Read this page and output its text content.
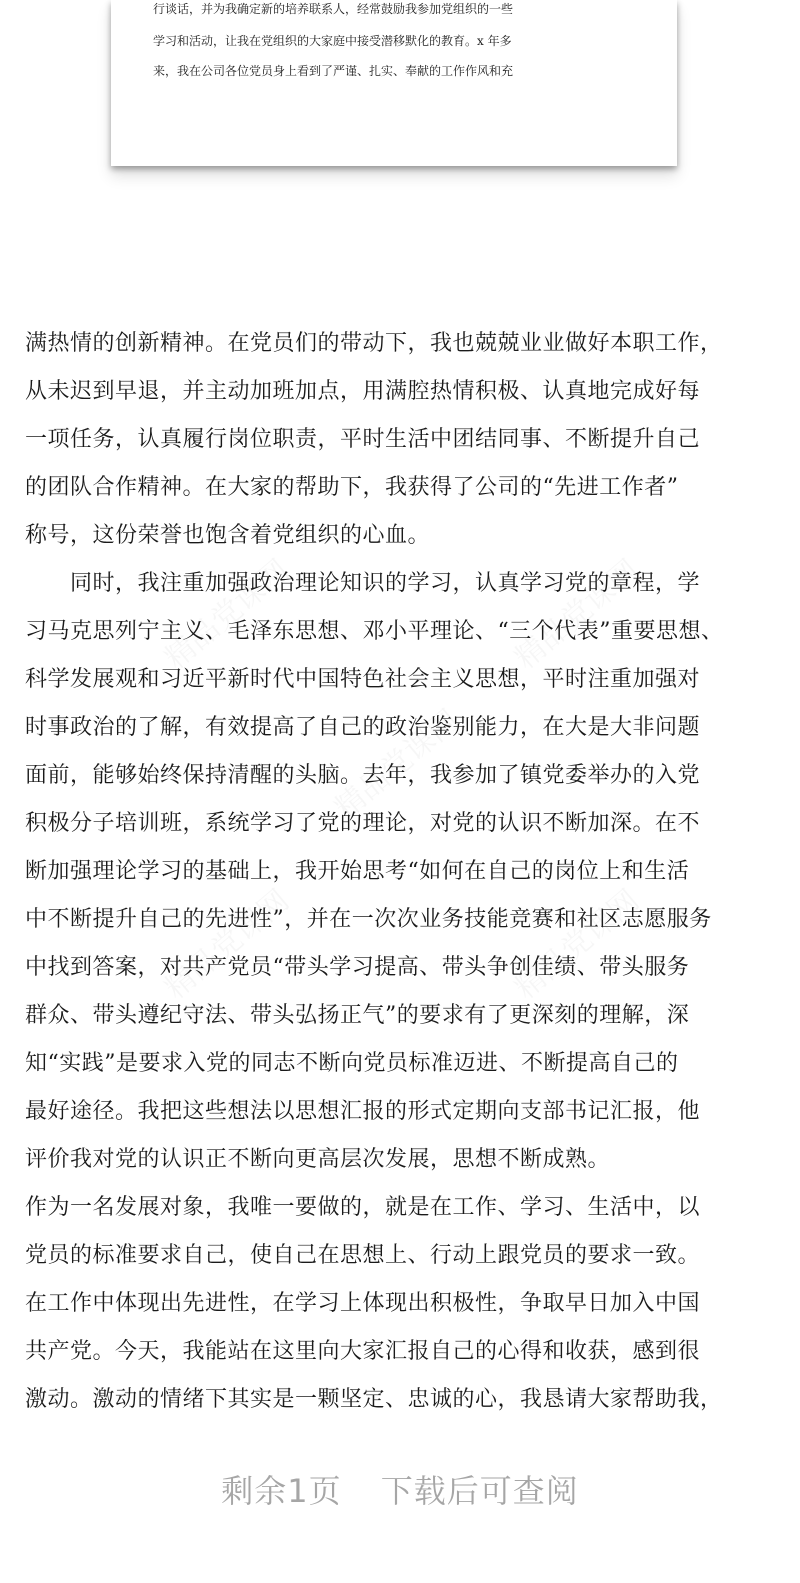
行谈话，并为我确定新的培养联系人，经常鼓励我参加党组织的一些

学习和活动，让我在党组织的大家庭中接受潜移默化的教育。x 年多

来，我在公司各位党员身上看到了严谨、扎实、奉献的工作作风和充

满热情的创新精神。在党员们的带动下，我也兢兢业业做好本职工作，
从未迟到早退，并主动加班加点，用满腔热情积极、认真地完成好每
一项任务，认真履行岗位职责，平时生活中团结同事、不断提升自己
的团队合作精神。在大家的帮助下，我获得了公司的“先进工作者”
称号，这份荣誉也饱含着党组织的心血。
　　同时，我注重加强政治理论知识的学习，认真学习党的章程，学
习马克思列宁主义、毛泽东思想、邓小平理论、“三个代表”重要思想、
科学发展观和习近平新时代中国特色社会主义思想，平时注重加强对
时事政治的了解，有效提高了自己的政治鉴别能力，在大是大非问题
面前，能够始终保持清醒的头脑。去年，我参加了镇党委举办的入党
积极分子培训班，系统学习了党的理论，对党的认识不断加深。在不
断加强理论学习的基础上，我开始思考“如何在自己的岗位上和生活
中不断提升自己的先进性”，并在一次次业务技能竞赛和社区志愿服务
中找到答案，对共产党员“带头学习提高、带头争创佳绩、带头服务
群众、带头遵纪守法、带头弘扬正气”的要求有了更深刻的理解，深
知“实践”是要求入党的同志不断向党员标准迈进、不断提高自己的
最好途径。我把这些想法以思想汇报的形式定期向支部书记汇报，他
评价我对党的认识正不断向更高层次发展，思想不断成熟。
作为一名发展对象，我唯一要做的，就是在工作、学习、生活中，以
党员的标准要求自己，使自己在思想上、行动上跟党员的要求一致。
在工作中体现出先进性，在学习上体现出积极性，争取早日加入中国
共产党。今天，我能站在这里向大家汇报自己的心得和收获，感到很
激动。激动的情绪下其实是一颗坚定、忠诚的心，我恳请大家帮助我，
剩余1页 下载后可查阅
